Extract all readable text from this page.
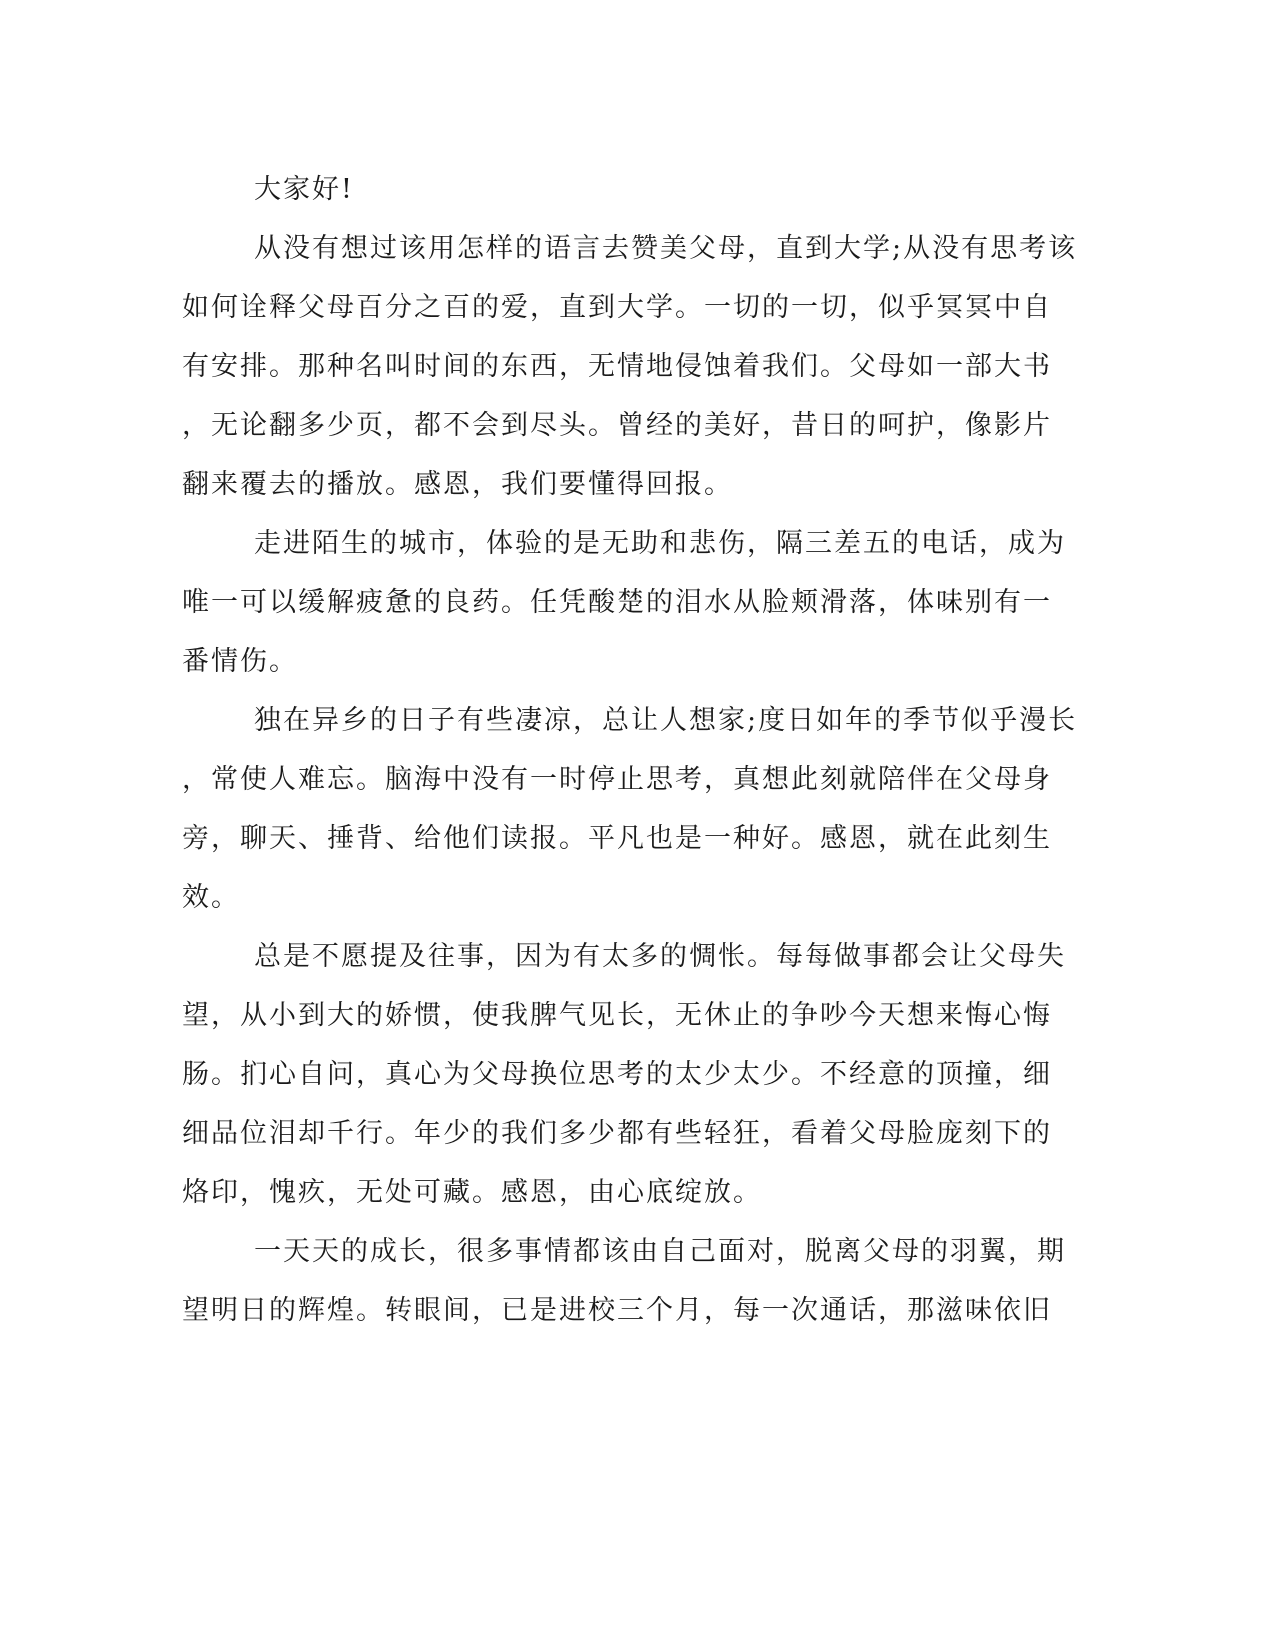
大家好!
从没有想过该用怎样的语言去赞美父母，直到大学;从没有思考该
如何诠释父母百分之百的爱，直到大学。一切的一切，似乎冥冥中自
有安排。那种名叫时间的东西，无情地侵蚀着我们。父母如一部大书
，无论翻多少页，都不会到尽头。曾经的美好，昔日的呵护，像影片
翻来覆去的播放。感恩，我们要懂得回报。
走进陌生的城市，体验的是无助和悲伤，隔三差五的电话，成为
唯一可以缓解疲惫的良药。任凭酸楚的泪水从脸颊滑落，体味别有一
番情伤。
独在异乡的日子有些凄凉，总让人想家;度日如年的季节似乎漫长
，常使人难忘。脑海中没有一时停止思考，真想此刻就陪伴在父母身
旁，聊天、捶背、给他们读报。平凡也是一种好。感恩，就在此刻生
效。
总是不愿提及往事，因为有太多的惆怅。每每做事都会让父母失
望，从小到大的娇惯，使我脾气见长，无休止的争吵今天想来悔心悔
肠。扪心自问，真心为父母换位思考的太少太少。不经意的顶撞，细
细品位泪却千行。年少的我们多少都有些轻狂，看着父母脸庞刻下的
烙印，愧疚，无处可藏。感恩，由心底绽放。
一天天的成长，很多事情都该由自己面对，脱离父母的羽翼，期
望明日的辉煌。转眼间，已是进校三个月，每一次通话，那滋味依旧
